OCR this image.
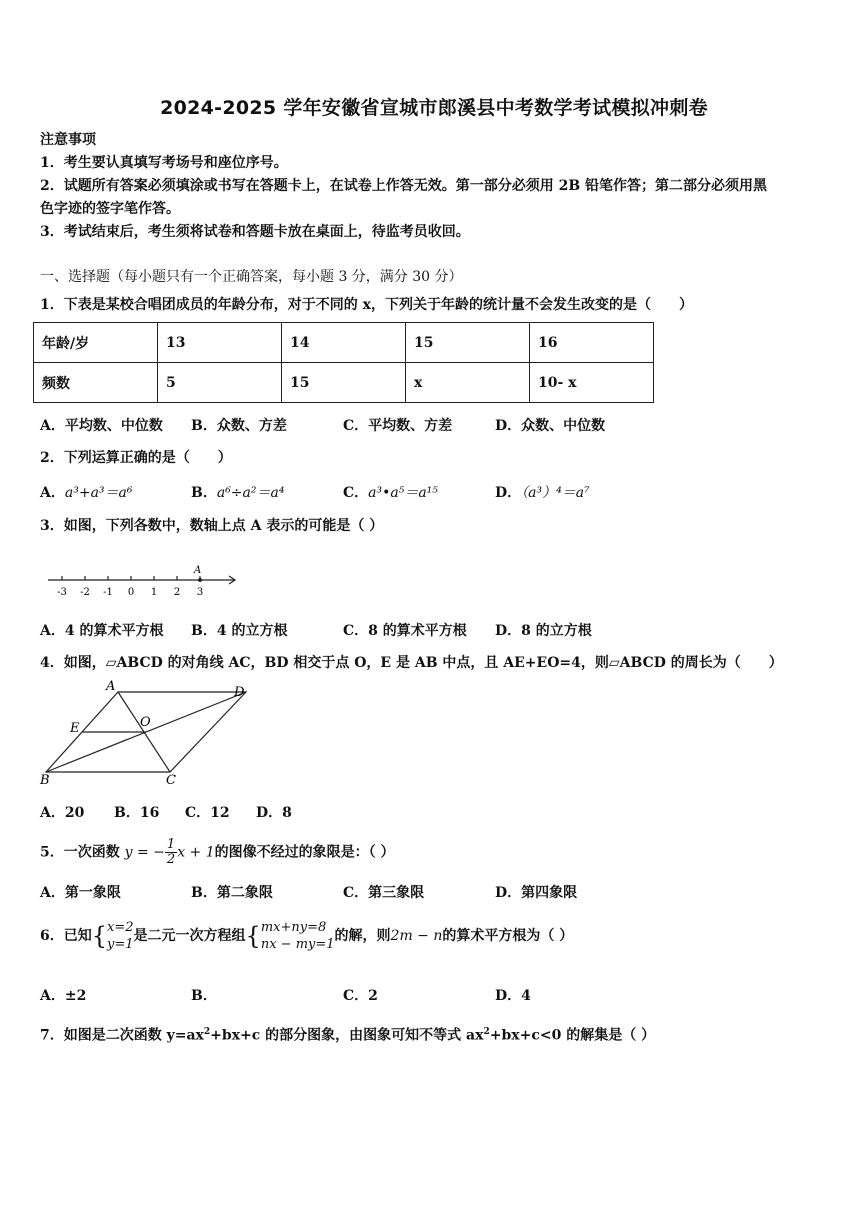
2024-2025 学年安徽省宣城市郎溪县中考数学考试模拟冲刺卷
注意事项
1．考生要认真填写考场号和座位序号。
2．试题所有答案必须填涂或书写在答题卡上，在试卷上作答无效。第一部分必须用 2B 铅笔作答；第二部分必须用黑
色字迹的签字笔作答。
3．考试结束后，考生须将试卷和答题卡放在桌面上，待监考员收回。
一、选择题（每小题只有一个正确答案，每小题 3 分，满分 30 分）
1．下表是某校合唱团成员的年龄分布，对于不同的 x，下列关于年龄的统计量不会发生改变的是（　　）
年龄/岁	13	14	15	16
频数	5	15	x	10- x
A．平均数、中位数 B．众数、方差	C．平均数、方差	D．众数、中位数
2．下列运算正确的是（　　）
A．a³+a³＝a⁶	B．a⁶÷a²＝a⁴	C．a³•a⁵＝a¹⁵	D．（a³）⁴＝a⁷
3．如图，下列各数中，数轴上点 A 表示的可能是（ ）
-3 -2 -1 0 1 2 3
A
A．4 的算术平方根 B．4 的立方根	C．8 的算术平方根 D．8 的立方根
4．如图，▱ABCD 的对角线 AC，BD 相交于点 O，E 是 AB 中点，且 AE+EO=4，则▱ABCD 的周长为（　　）
A	D
E	O
B	C
A．20 B．16 C．12 D．8
5．一次函数 y = − $\frac{1}{2}$ x + 1的图像不经过的象限是：（ ）
A．第一象限	B．第二象限	C．第三象限	D．第四象限
6．已知{ x=2
y=1
是二元一次方程组{ mx+ny=8
nx − my=1
的解，则2m − n的算术平方根为（ ）
A．±2	B．	C．2	D．4
7．如图是二次函数 $y=ax^2+bx+c$ 的部分图象，由图象可知不等式 $ax^2+bx+c<0$ 的解集是（ ）
